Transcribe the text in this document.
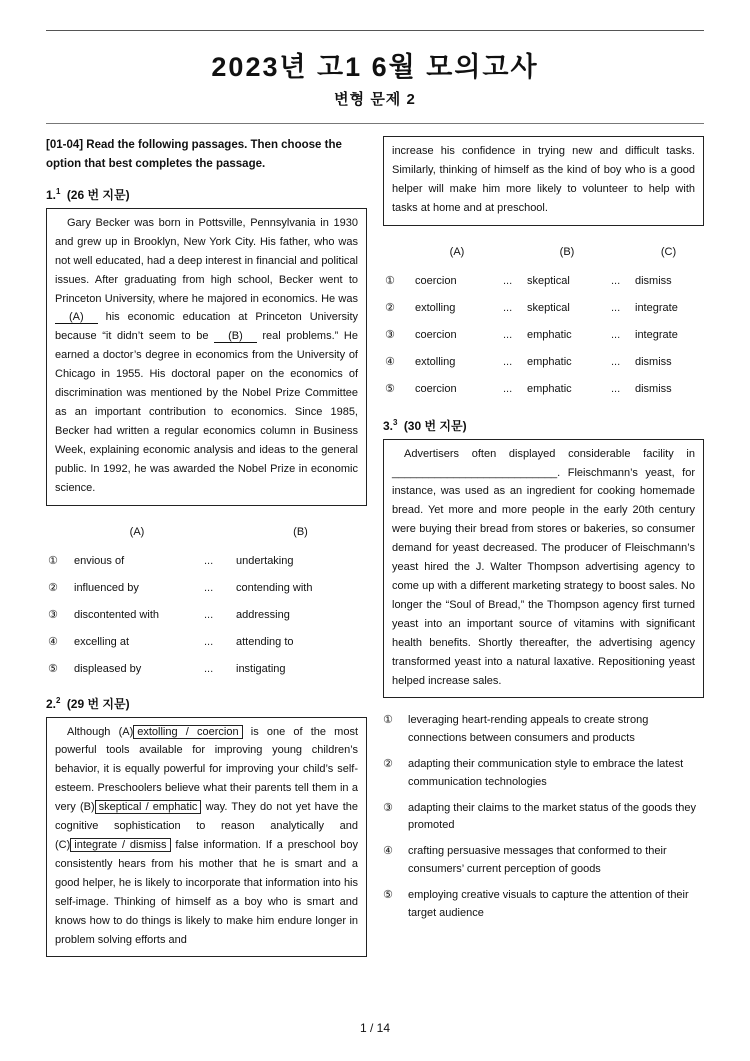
2023년 고1 6월 모의고사
변형 문제 2

[01-04] Read the following passages. Then choose the option that best completes the passage.

1.$^1$ (26 번 지문)

Gary Becker was born in Pottsville, Pennsylvania in 1930 and grew up in Brooklyn, New York City. His father, who was not well educated, had a deep interest in financial and political issues. After graduating from high school, Becker went to Princeton University, where he majored in economics. He was (A) his economic education at Princeton University because “it didn’t seem to be (B) real problems.” He earned a doctor’s degree in economics from the University of Chicago in 1955. His doctoral paper on the economics of discrimination was mentioned by the Nobel Prize Committee as an important contribution to economics. Since 1985, Becker had written a regular economics column in Business Week, explaining economic analysis and ideas to the general public. In 1992, he was awarded the Nobel Prize in economic science.

(A)	(B)
①	envious of	...	undertaking
②	influenced by	...	contending with
③	discontented with	...	addressing
④	excelling at	...	attending to
⑤	displeased by	...	instigating
2.$^2$ (29 번 지문)

Although (A) extolling / coercion is one of the most powerful tools available for improving young children’s behavior, it is equally powerful for improving your child’s self-esteem. Preschoolers believe what their parents tell them in a very (B) skeptical / emphatic way. They do not yet have the cognitive sophistication to reason analytically and (C) integrate / dismiss false information. If a preschool boy consistently hears from his mother that he is smart and a good helper, he is likely to incorporate that information into his self-image. Thinking of himself as a boy who is smart and knows how to do things is likely to make him endure longer in problem solving efforts and

increase his confidence in trying new and difficult tasks. Similarly, thinking of himself as the kind of boy who is a good helper will make him more likely to volunteer to help with tasks at home and at preschool.

(A)	(B)	(C)
①	coercion	...	skeptical	...	dismiss
②	extolling	...	skeptical	...	integrate
③	coercion	...	emphatic	...	integrate
④	extolling	...	emphatic	...	dismiss
⑤	coercion	...	emphatic	...	dismiss
3.$^3$ (30 번 지문)

Advertisers often displayed considerable facility in ___________________________. Fleischmann’s yeast, for instance, was used as an ingredient for cooking homemade bread. Yet more and more people in the early 20th century were buying their bread from stores or bakeries, so consumer demand for yeast decreased. The producer of Fleischmann’s yeast hired the J. Walter Thompson advertising agency to come up with a different marketing strategy to boost sales. No longer the “Soul of Bread,” the Thompson agency first turned yeast into an important source of vitamins with significant health benefits. Shortly thereafter, the advertising agency transformed yeast into a natural laxative. Repositioning yeast helped increase sales.

①	leveraging heart-rending appeals to create strong connections between consumers and products
②	adapting their communication style to embrace the latest communication technologies
③	adapting their claims to the market status of the goods they promoted
④	crafting persuasive messages that conformed to their consumers’ current perception of goods
⑤	employing creative visuals to capture the attention of their target audience
1 / 14
